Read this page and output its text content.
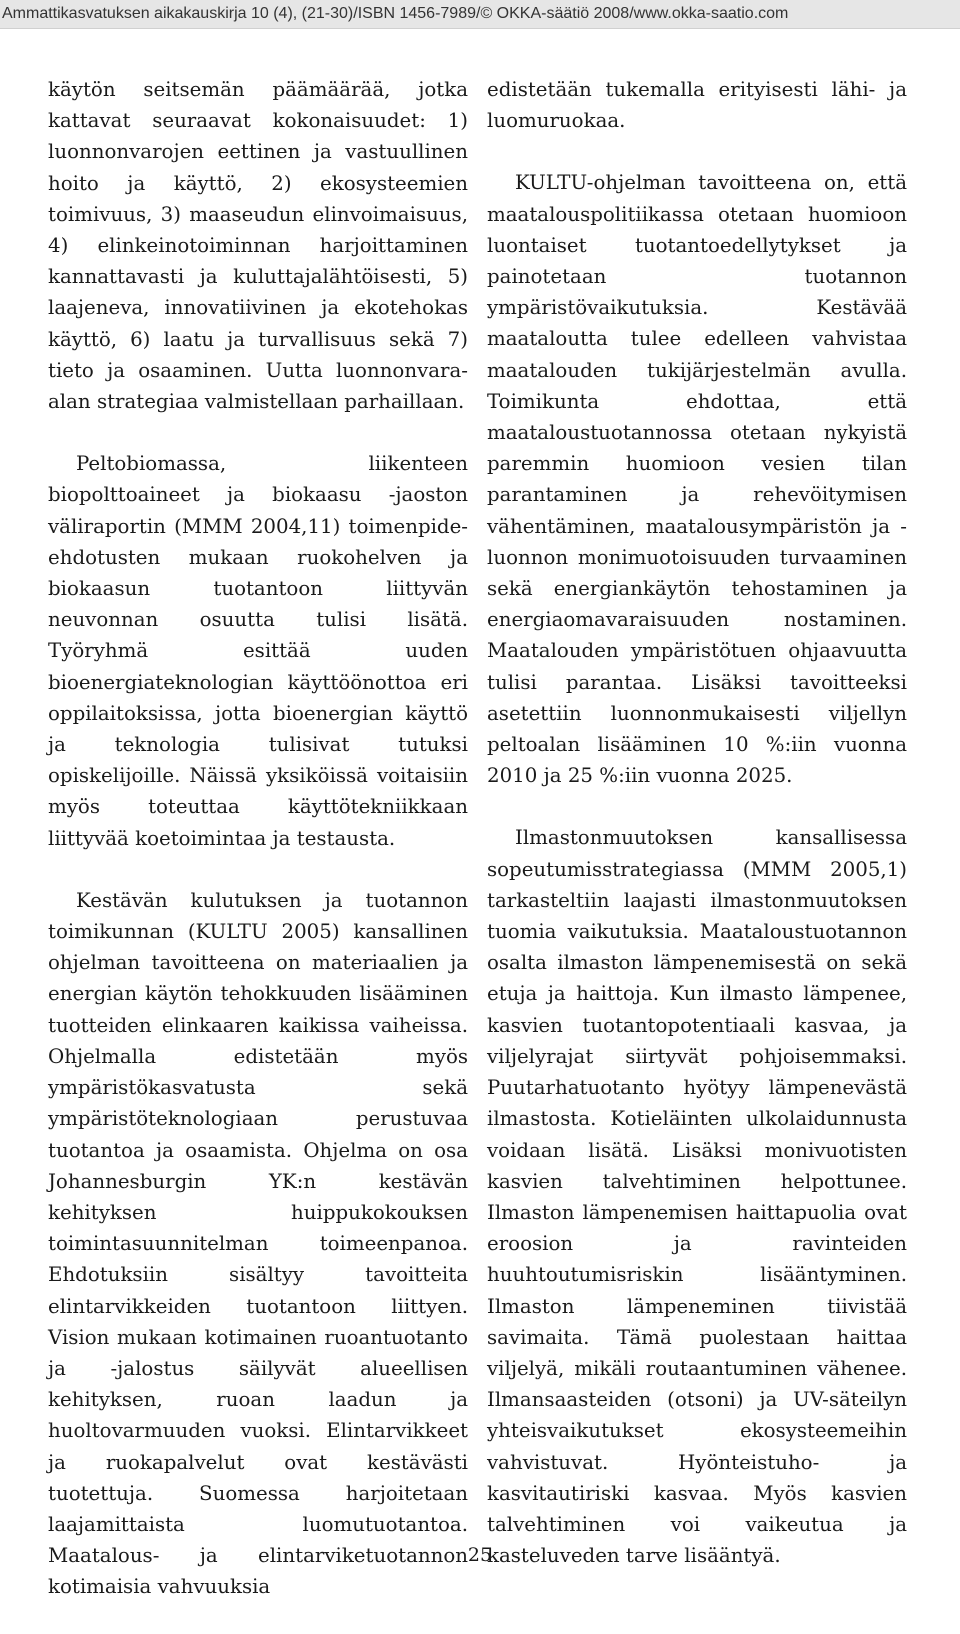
Ammattikasvatuksen aikakauskirja 10 (4), (21-30)/ISBN 1456-7989/© OKKA-säätiö 2008/www.okka-saatio.com

käytön seitsemän päämäärää, jotka kattavat seuraavat kokonaisuudet: 1) luonnonvarojen eettinen ja vastuullinen hoito ja käyttö, 2) ekosysteemien toimivuus, 3) maaseudun elinvoimaisuus, 4) elinkeinotoiminnan harjoittaminen kannattavasti ja kuluttajalähtöisesti, 5) laajeneva, innovatiivinen ja ekotehokas käyttö, 6) laatu ja turvallisuus sekä 7) tieto ja osaaminen. Uutta luonnonvara-alan strategiaa valmistellaan parhaillaan.

Peltobiomassa, liikenteen biopolttoaineet ja biokaasu -jaoston väliraportin (MMM 2004,11) toimenpide-ehdotusten mukaan ruokohelven ja biokaasun tuotantoon liittyvän neuvonnan osuutta tulisi lisätä. Työryhmä esittää uuden bioenergiateknologian käyttöönottoa eri oppilaitoksissa, jotta bioenergian käyttö ja teknologia tulisivat tutuksi opiskelijoille. Näissä yksiköissä voitaisiin myös toteuttaa käyttötekniikkaan liittyvää koetoimintaa ja testausta.

Kestävän kulutuksen ja tuotannon toimikunnan (KULTU 2005) kansallinen ohjelman tavoitteena on materiaalien ja energian käytön tehokkuuden lisääminen tuotteiden elinkaaren kaikissa vaiheissa. Ohjelmalla edistetään myös ympäristökasvatusta sekä ympäristöteknologiaan perustuvaa tuotantoa ja osaamista. Ohjelma on osa Johannesburgin YK:n kestävän kehityksen huippukokouksen toimintasuunnitelman toimeenpanoa. Ehdotuksiin sisältyy tavoitteita elintarvikkeiden tuotantoon liittyen. Vision mukaan kotimainen ruoantuotanto ja -jalostus säilyvät alueellisen kehityksen, ruoan laadun ja huoltovarmuuden vuoksi. Elintarvikkeet ja ruokapalvelut ovat kestävästi tuotettuja. Suomessa harjoitetaan laajamittaista luomutuotantoa. Maatalous- ja elintarviketuotannon kotimaisia vahvuuksia

edistetään tukemalla erityisesti lähi- ja luomuruokaa.

KULTU-ohjelman tavoitteena on, että maatalouspolitiikassa otetaan huomioon luontaiset tuotantoedellytykset ja painotetaan tuotannon ympäristövaikutuksia. Kestävää maataloutta tulee edelleen vahvistaa maatalouden tukijärjestelmän avulla. Toimikunta ehdottaa, että maataloustuotannossa otetaan nykyistä paremmin huomioon vesien tilan parantaminen ja rehevöitymisen vähentäminen, maatalousympäristön ja -luonnon monimuotoisuuden turvaaminen sekä energiankäytön tehostaminen ja energiaomavaraisuuden nostaminen. Maatalouden ympäristötuen ohjaavuutta tulisi parantaa. Lisäksi tavoitteeksi asetettiin luonnonmukaisesti viljellyn peltoalan lisääminen 10 %:iin vuonna 2010 ja 25 %:iin vuonna 2025.

Ilmastonmuutoksen kansallisessa sopeutumisstrategiassa (MMM 2005,1) tarkasteltiin laajasti ilmastonmuutoksen tuomia vaikutuksia. Maataloustuotannon osalta ilmaston lämpenemisestä on sekä etuja ja haittoja. Kun ilmasto lämpenee, kasvien tuotantopotentiaali kasvaa, ja viljelyrajat siirtyvät pohjoisemmaksi. Puutarhatuotanto hyötyy lämpenevästä ilmastosta. Kotieläinten ulkolaidunnusta voidaan lisätä. Lisäksi monivuotisten kasvien talvehtiminen helpottunee. Ilmaston lämpenemisen haittapuolia ovat eroosion ja ravinteiden huuhtoutumisriskin lisääntyminen. Ilmaston lämpeneminen tiivistää savimaita. Tämä puolestaan haittaa viljelyä, mikäli routaantuminen vähenee. Ilmansaasteiden (otsoni) ja UV-säteilyn yhteisvaikutukset ekosysteemeihin vahvistuvat. Hyönteistuho- ja kasvitautiriski kasvaa. Myös kasvien talvehtiminen voi vaikeutua ja kasteluveden tarve lisääntyä.

25
